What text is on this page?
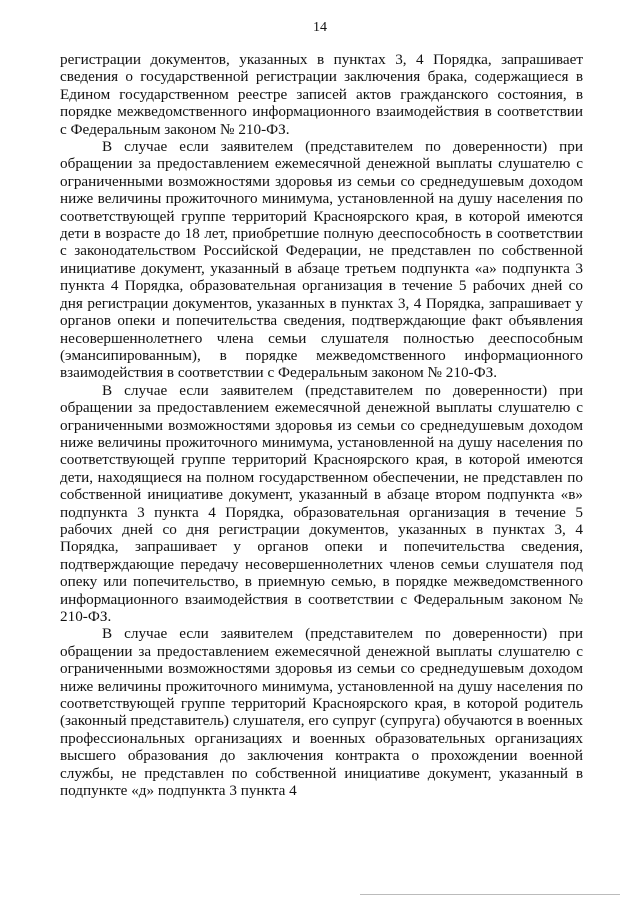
14

регистрации документов, указанных в пунктах 3, 4 Порядка, запрашивает сведения о государственной регистрации заключения брака, содержащиеся в Едином государственном реестре записей актов гражданского состояния, в порядке межведомственного информационного взаимодействия в соответствии с Федеральным законом № 210-ФЗ.

В случае если заявителем (представителем по доверенности) при обращении за предоставлением ежемесячной денежной выплаты слушателю с ограниченными возможностями здоровья из семьи со среднедушевым доходом ниже величины прожиточного минимума, установленной на душу населения по соответствующей группе территорий Красноярского края, в которой имеются дети в возрасте до 18 лет, приобретшие полную дееспособность в соответствии с законодательством Российской Федерации, не представлен по собственной инициативе документ, указанный в абзаце третьем подпункта «а» подпункта 3 пункта 4 Порядка, образовательная организация в течение 5 рабочих дней со дня регистрации документов, указанных в пунктах 3, 4 Порядка, запрашивает у органов опеки и попечительства сведения, подтверждающие факт объявления несовершеннолетнего члена семьи слушателя полностью дееспособным (эмансипированным), в порядке межведомственного информационного взаимодействия в соответствии с Федеральным законом № 210-ФЗ.

В случае если заявителем (представителем по доверенности) при обращении за предоставлением ежемесячной денежной выплаты слушателю с ограниченными возможностями здоровья из семьи со среднедушевым доходом ниже величины прожиточного минимума, установленной на душу населения по соответствующей группе территорий Красноярского края, в которой имеются дети, находящиеся на полном государственном обеспечении, не представлен по собственной инициативе документ, указанный в абзаце втором подпункта «в» подпункта 3 пункта 4 Порядка, образовательная организация в течение 5 рабочих дней со дня регистрации документов, указанных в пунктах 3, 4 Порядка, запрашивает у органов опеки и попечительства сведения, подтверждающие передачу несовершеннолетних членов семьи слушателя под опеку или попечительство, в приемную семью, в порядке межведомственного информационного взаимодействия в соответствии с Федеральным законом № 210-ФЗ.

В случае если заявителем (представителем по доверенности) при обращении за предоставлением ежемесячной денежной выплаты слушателю с ограниченными возможностями здоровья из семьи со среднедушевым доходом ниже величины прожиточного минимума, установленной на душу населения по соответствующей группе территорий Красноярского края, в которой родитель (законный представитель) слушателя, его супруг (супруга) обучаются в военных профессиональных организациях и военных образовательных организациях высшего образования до заключения контракта о прохождении военной службы, не представлен по собственной инициативе документ, указанный в подпункте «д» подпункта 3 пункта 4
